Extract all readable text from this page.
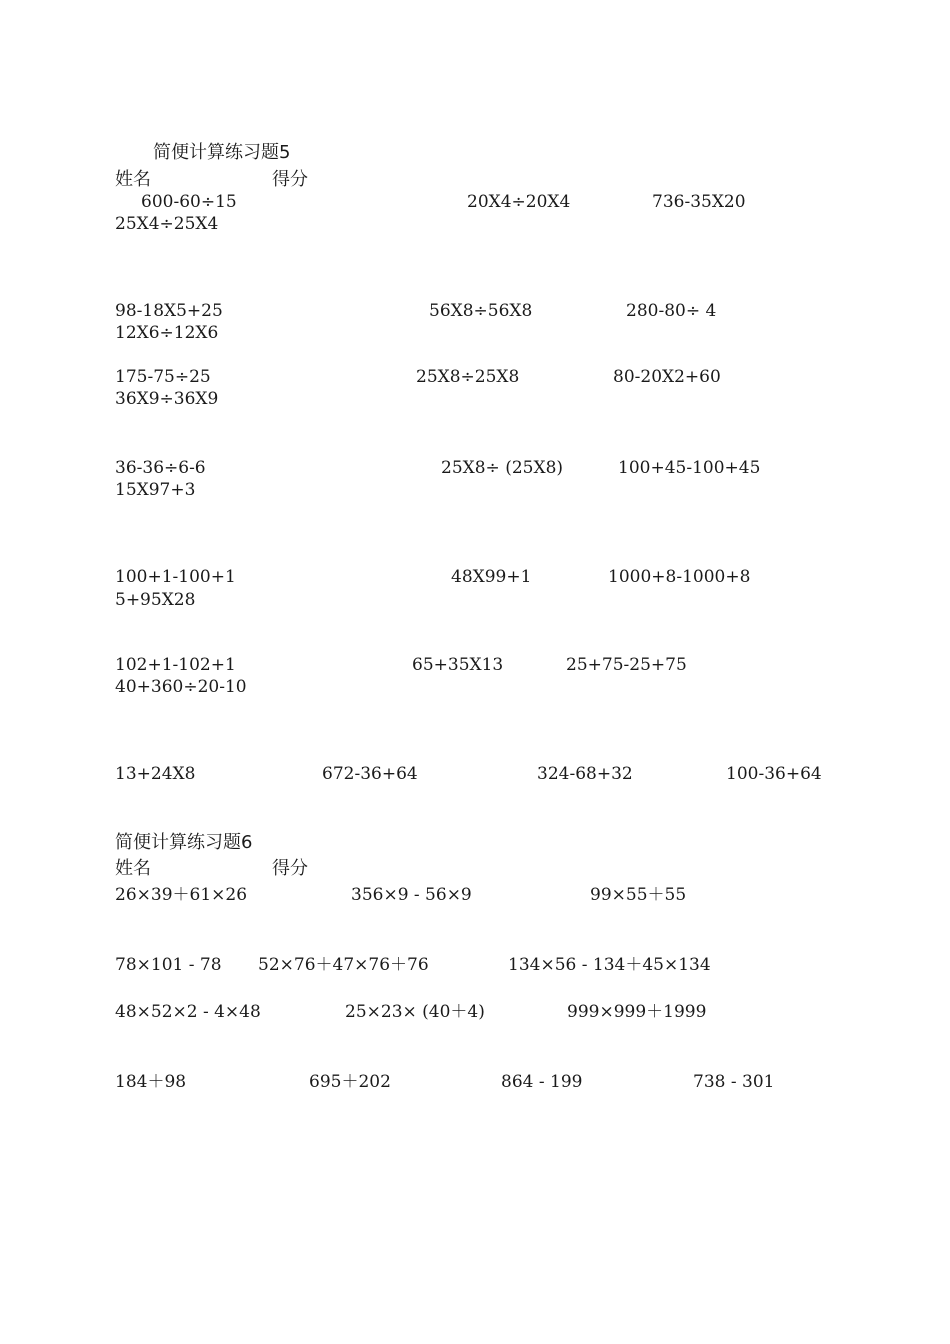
简便计算练习题5
姓名	得分
600-60÷15	20X4÷20X4	736-35X20
25X4÷25X4
98-18X5+25	56X8÷56X8	280-80÷ 4
12X6÷12X6
175-75÷25	25X8÷25X8	80-20X2+60
36X9÷36X9
36-36÷6-6	25X8÷ (25X8)	100+45-100+45
15X97+3
100+1-100+1	48X99+1	1000+8-1000+8
5+95X28
102+1-102+1	65+35X13	25+75-25+75
40+360÷20-10
13+24X8	672-36+64	324-68+32	100-36+64
简便计算练习题6
姓名	得分
26×39＋61×26	356×9 - 56×9	99×55＋55
78×101 - 78 52×76＋47×76＋76	134×56 - 134＋45×134
48×52×2 - 4×48	25×23× (40＋4)	999×999＋1999
184＋98	695＋202	864 - 199	738 - 301
